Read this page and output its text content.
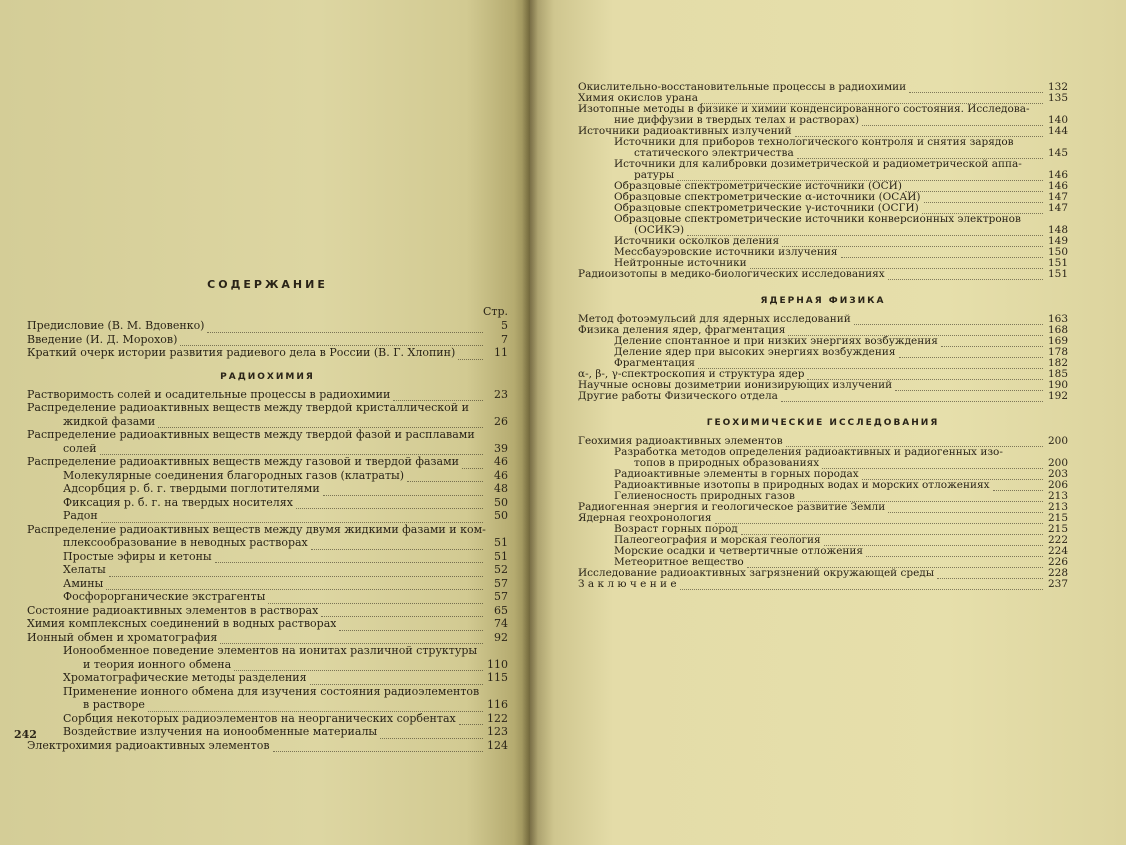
СОДЕРЖАНИЕ
Стр.
Предисловие (В. М. Вдовенко)	5
Введение (И. Д. Морохов)	7
Краткий очерк истории развития радиевого дела в России (В. Г. Хлопин)	11
РАДИОХИМИЯ
Растворимость солей и осадительные процессы в радиохимии	23
Распределение радиоактивных веществ между твердой кристаллической и
жидкой фазами	26
Распределение радиоактивных веществ между твердой фазой и расплавами
солей	39
Распределение радиоактивных веществ между газовой и твердой фазами	46
Молекулярные соединения благородных газов (клатраты)	46
Адсорбция р. б. г. твердыми поглотителями	48
Фиксация р. б. г. на твердых носителях	50
Радон	50
Распределение радиоактивных веществ между двумя жидкими фазами и ком-
плексообразование в неводных растворах	51
Простые эфиры и кетоны	51
Хелаты	52
Амины	57
Фосфорорганические экстрагенты	57
Состояние радиоактивных элементов в растворах	65
Химия комплексных соединений в водных растворах	74
Ионный обмен и хроматография	92
Ионообменное поведение элементов на ионитах различной структуры
и теория ионного обмена	110
Хроматографические методы разделения	115
Применение ионного обмена для изучения состояния радиоэлементов
в растворе	116
Сорбция некоторых радиоэлементов на неорганических сорбентах	122
Воздействие излучения на ионообменные материалы	123
Электрохимия радиоактивных элементов	124
242
Окислительно-восстановительные процессы в радиохимии	132
Химия окислов урана	135
Изотопные методы в физике и химии конденсированного состояния. Исследова-
ние диффузии в твердых телах и растворах)	140
Источники радиоактивных излучений	144
Источники для приборов технологического контроля и снятия зарядов
статического электричества	145
Источники для калибровки дозиметрической и радиометрической аппа-
ратуры	146
Образцовые спектрометрические источники (ОСИ)	146
Образцовые спектрометрические α-источники (ОСАИ)	147
Образцовые спектрометрические γ-источники (ОСГИ)	147
Образцовые спектрометрические источники конверсионных электронов
(ОСИКЭ)	148
Источники осколков деления	149
Мессбауэровские источники излучения	150
Нейтронные источники	151
Радиоизотопы в медико-биологических исследованиях	151
ЯДЕРНАЯ ФИЗИКА
Метод фотоэмульсий для ядерных исследований	163
Физика деления ядер, фрагментация	168
Деление спонтанное и при низких энергиях возбуждения	169
Деление ядер при высоких энергиях возбуждения	178
Фрагментация	182
α-, β-, γ-спектроскопия и структура ядер	185
Научные основы дозиметрии ионизирующих излучений	190
Другие работы Физического отдела	192
ГЕОХИМИЧЕСКИЕ ИССЛЕДОВАНИЯ
Геохимия радиоактивных элементов	200
Разработка методов определения радиоактивных и радиогенных изо-
топов в природных образованиях	200
Радиоактивные элементы в горных породах	203
Радиоактивные изотопы в природных водах и морских отложениях	206
Гелиеносность природных газов	213
Радиогенная энергия и геологическое развитие Земли	213
Ядерная геохронология	215
Возраст горных пород	215
Палеогеография и морская геология	222
Морские осадки и четвертичные отложения	224
Метеоритное вещество	226
Исследование радиоактивных загрязнений окружающей среды	228
З а к л ю ч е н и е	237
